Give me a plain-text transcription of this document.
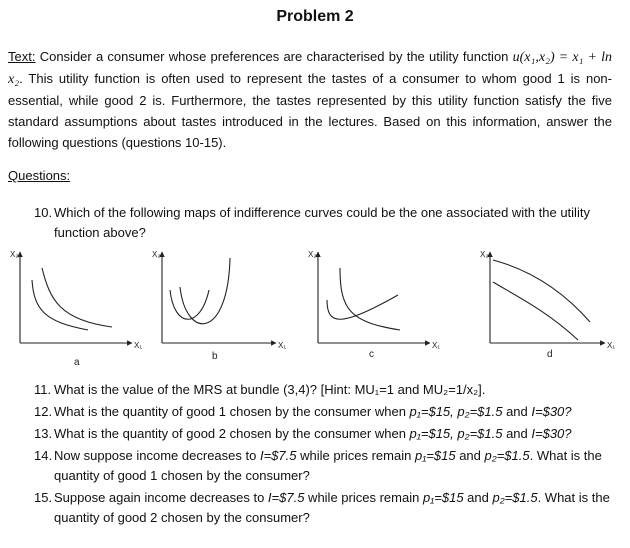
Problem 2
Text: Consider a consumer whose preferences are characterised by the utility function u(x₁,x₂) = x₁ + ln x₂. This utility function is often used to represent the tastes of a consumer to whom good 1 is non-essential, while good 2 is. Furthermore, the tastes represented by this utility function satisfy the five standard assumptions about tastes introduced in the lectures. Based on this information, answer the following questions (questions 10-15).
Questions:
10. Which of the following maps of indifference curves could be the one associated with the utility function above?
X₂
X₁
X₂
X₁
X₂
X₁
X₂
X₁
a
b	c	d
11. What is the value of the MRS at bundle (3,4)? [Hint: MU₁=1 and MU₂=1/x₂].
12. What is the quantity of good 1 chosen by the consumer when p₁=$15, p₂=$1.5 and I=$30?
13. What is the quantity of good 2 chosen by the consumer when p₁=$15, p₂=$1.5 and I=$30?
14. Now suppose income decreases to I=$7.5 while prices remain p₁=$15 and p₂=$1.5. What is the quantity of good 1 chosen by the consumer?
15. Suppose again income decreases to I=$7.5 while prices remain p₁=$15 and p₂=$1.5. What is the quantity of good 2 chosen by the consumer?
